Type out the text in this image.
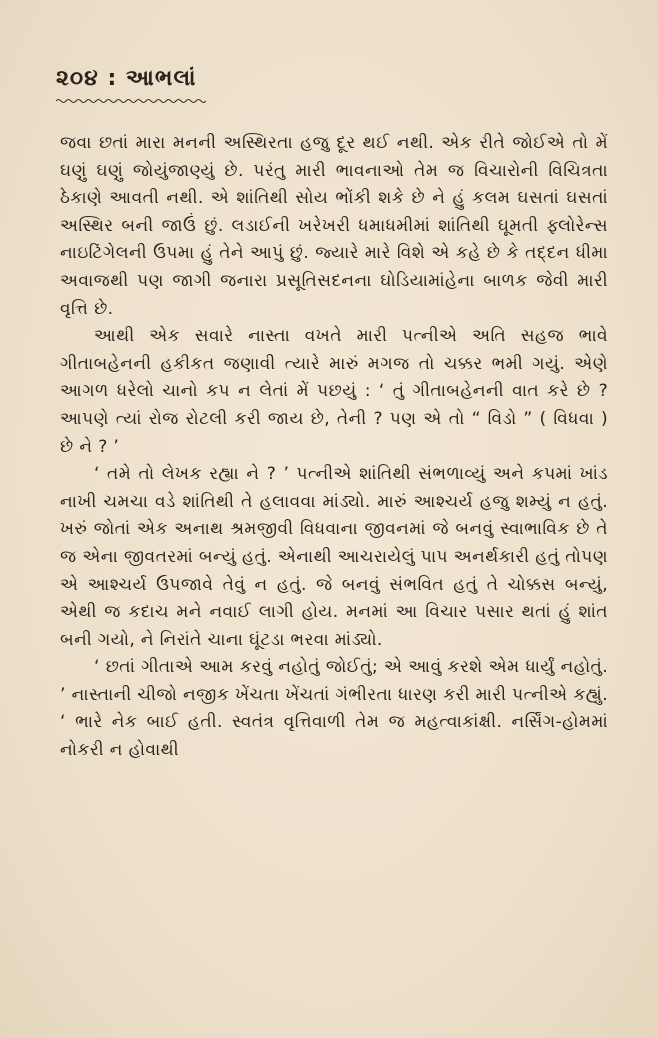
૨૦૪ : આભલાં

જવા છતાં મારા મનની અસ્થિરતા હજુ દૂર થઈ નથી. એક રીતે જોઈએ તો મેં ઘણું ઘણું જોયુંજાણ્યું છે. પરંતુ મારી ભાવનાઓ તેમ જ વિચારોની વિચિત્રતા ઠેકાણે આવતી નથી. એ શાંતિથી સોય ભોંકી શકે છે ને હું કલમ ઘસતાં ઘસતાં અસ્થિર બની જાઉં છું. લડાઈની ખરેખરી ધમાધમીમાં શાંતિથી ઘૂમતી ફ્લોરેન્સ નાઇટિંગેલની ઉપમા હું તેને આપું છું. જ્યારે મારે વિશે એ કહે છે કે તદ્દન ધીમા અવાજથી પણ જાગી જનારા પ્રસૂતિસદનના ઘોડિયામાંહેના બાળક જેવી મારી વૃત્તિ છે.

આથી એક સવારે નાસ્તા વખતે મારી પત્નીએ અતિ સહજ ભાવે ગીતાબહેનની હકીકત જણાવી ત્યારે મારું મગજ તો ચક્કર ભમી ગયું. એણે આગળ ધરેલો ચાનો કપ ન લેતાં મેં પછયું : ‘ તું ગીતાબહેનની વાત કરે છે ? આપણે ત્યાં રોજ રોટલી કરી જાય છે, તેની ? પણ એ તો “ વિડો ” ( વિધવા ) છે ને ? ’

‘ તમે તો લેખક રહ્યા ને ? ’ પત્નીએ શાંતિથી સંભળાવ્યું અને કપમાં ખાંડ નાખી ચમચા વડે શાંતિથી તે હલાવવા માંડ્યો. મારું આશ્ચર્ય હજુ શમ્યું ન હતું. ખરું જોતાં એક અનાથ શ્રમજીવી વિધવાના જીવનમાં જે બનવું સ્વાભાવિક છે તે જ એના જીવતરમાં બન્યું હતું. એનાથી આચરાયેલું પાપ અનર્થકારી હતું તોપણ એ આશ્ચર્ય ઉપજાવે તેવું ન હતું. જે બનવું સંભવિત હતું તે ચોક્કસ બન્યું, એથી જ કદાચ મને નવાઈ લાગી હોય. મનમાં આ વિચાર પસાર થતાં હું શાંત બની ગયો, ને નિરાંતે ચાના ઘૂંટડા ભરવા માંડ્યો.

‘ છતાં ગીતાએ આમ કરવું નહોતું જોઈતું; એ આવું કરશે એમ ધાર્યું નહોતું. ’ નાસ્તાની ચીજો નજીક ખેંચતા ખેંચતાં ગંભીરતા ધારણ કરી મારી પત્નીએ કહ્યું. ‘ ભારે નેક બાઈ હતી. સ્વતંત્ર વૃત્તિવાળી તેમ જ મહત્વાકાંક્ષી. નર્સિંગ-હોમમાં નોકરી ન હોવાથી
